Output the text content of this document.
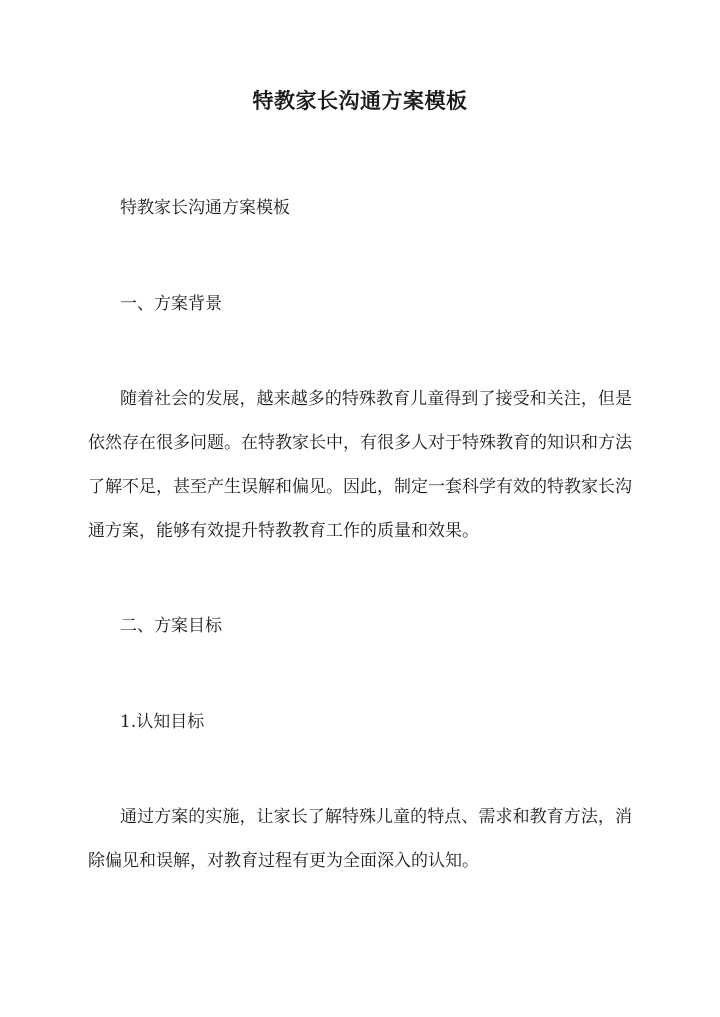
特教家长沟通方案模板

特教家长沟通方案模板

一、方案背景

随着社会的发展，越来越多的特殊教育儿童得到了接受和关注，但是

依然存在很多问题。在特教家长中，有很多人对于特殊教育的知识和方法

了解不足，甚至产生误解和偏见。因此，制定一套科学有效的特教家长沟

通方案，能够有效提升特教教育工作的质量和效果。

二、方案目标

1.认知目标

通过方案的实施，让家长了解特殊儿童的特点、需求和教育方法，消

除偏见和误解，对教育过程有更为全面深入的认知。
